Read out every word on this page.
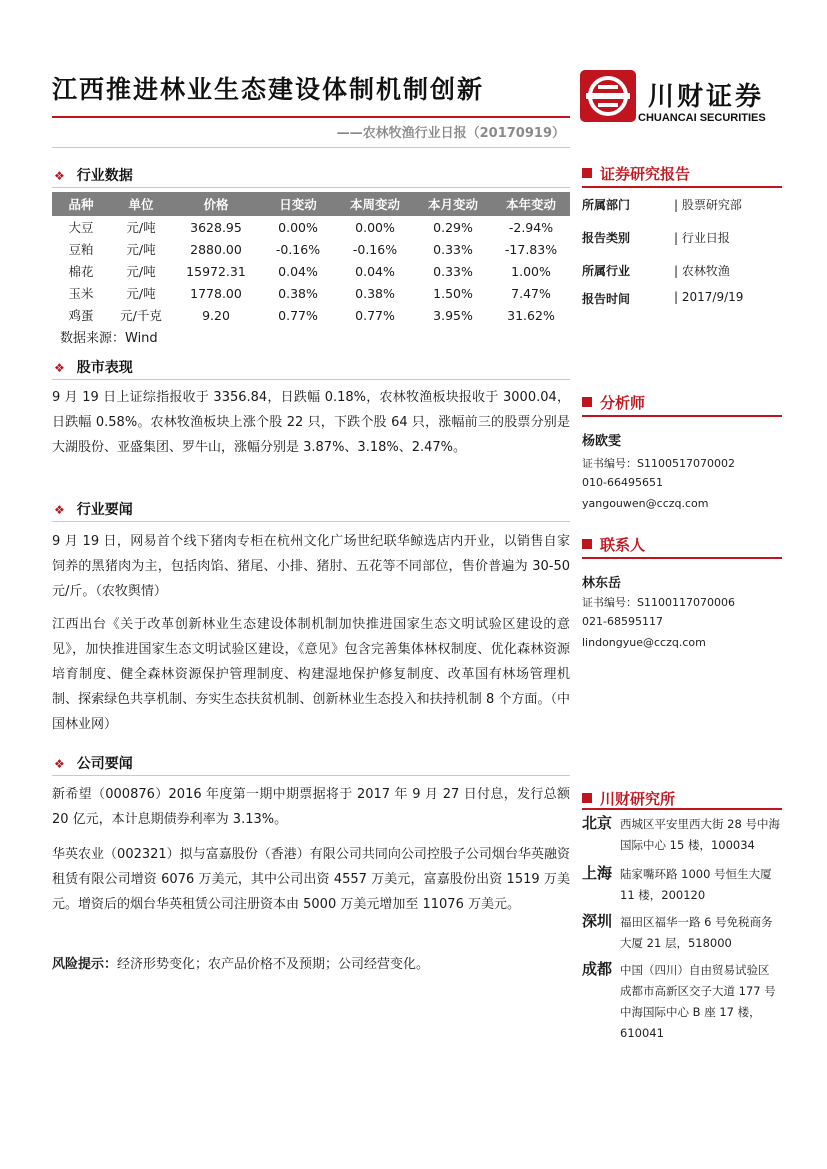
江西推进林业生态建设体制机制创新
——农林牧渔行业日报（20170919）
川财证券
CHUANCAI SECURITIES
❖ 行业数据
品种	单位	价格	日变动	本周变动	本月变动	本年变动
大豆	元/吨	3628.95	0.00%	0.00%	0.29%	-2.94%
豆粕	元/吨	2880.00	-0.16%	-0.16%	0.33%	-17.83%
棉花	元/吨	15972.31	0.04%	0.04%	0.33%	1.00%
玉米	元/吨	1778.00	0.38%	0.38%	1.50%	7.47%
鸡蛋	元/千克	9.20	0.77%	0.77%	3.95%	31.62%
数据来源：Wind
❖ 股市表现

9 月 19 日上证综指报收于 3356.84，日跌幅 0.18%，农林牧渔板块报收于 3000.04，日跌幅 0.58%。农林牧渔板块上涨个股 22 只，下跌个股 64 只，涨幅前三的股票分别是大湖股份、亚盛集团、罗牛山，涨幅分别是 3.87%、3.18%、2.47%。

❖ 行业要闻

9 月 19 日，网易首个线下猪肉专柜在杭州文化广场世纪联华鲸选店内开业，以销售自家饲养的黑猪肉为主，包括肉馅、猪尾、小排、猪肘、五花等不同部位，售价普遍为 30-50 元/斤。（农牧舆情）

江西出台《关于改革创新林业生态建设体制机制加快推进国家生态文明试验区建设的意见》，加快推进国家生态文明试验区建设，《意见》包含完善集体林权制度、优化森林资源培育制度、健全森林资源保护管理制度、构建湿地保护修复制度、改革国有林场管理机制、探索绿色共享机制、夯实生态扶贫机制、创新林业生态投入和扶持机制 8 个方面。（中国林业网）

❖ 公司要闻

新希望（000876）2016 年度第一期中期票据将于 2017 年 9 月 27 日付息，发行总额 20 亿元，本计息期债券利率为 3.13%。

华英农业（002321）拟与富嘉股份（香港）有限公司共同向公司控股子公司烟台华英融资租赁有限公司增资 6076 万美元，其中公司出资 4557 万美元，富嘉股份出资 1519 万美元。增资后的烟台华英租赁公司注册资本由 5000 万美元增加至 11076 万美元。

风险提示：经济形势变化；农产品价格不及预期；公司经营变化。

证券研究报告
所属部门	| 股票研究部
报告类别	| 行业日报
所属行业	| 农林牧渔
报告时间	| 2017/9/19
分析师
杨欧雯
证书编号：S1100517070002
010-66495651
yangouwen@cczq.com
联系人
林东岳
证书编号：S1100117070006
021-68595117
lindongyue@cczq.com
川财研究所
北京 西城区平安里西大街 28 号中海国际中心 15 楼，100034
上海 陆家嘴环路 1000 号恒生大厦 11 楼，200120
深圳 福田区福华一路 6 号免税商务大厦 21 层，518000
成都 中国（四川）自由贸易试验区成都市高新区交子大道 177 号中海国际中心 B 座 17 楼，610041
